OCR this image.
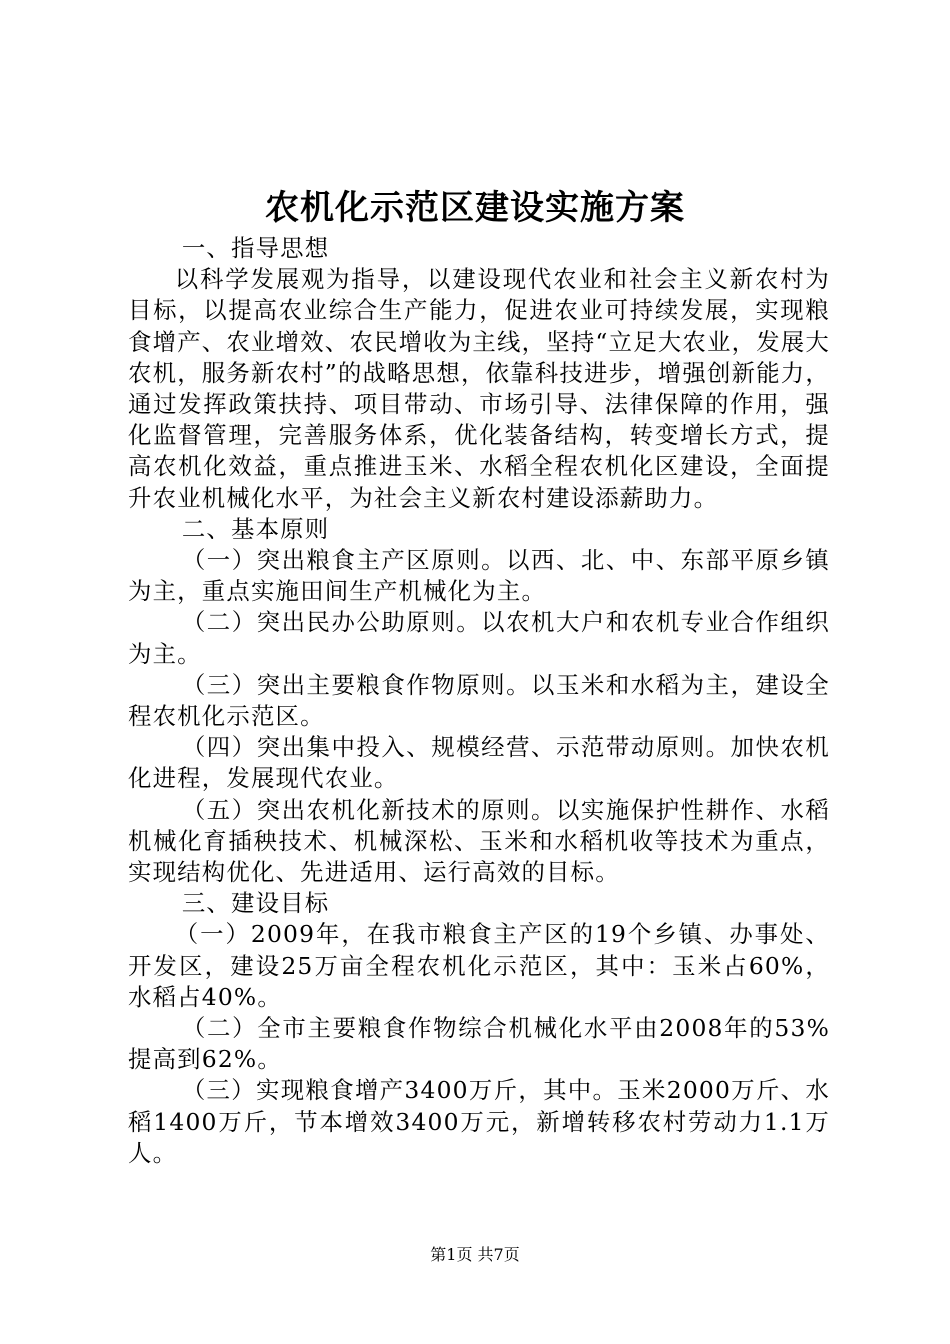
农机化示范区建设实施方案

一、指导思想

以科学发展观为指导，以建设现代农业和社会主义新农村为目标，以提高农业综合生产能力，促进农业可持续发展，实现粮食增产、农业增效、农民增收为主线，坚持“立足大农业，发展大农机，服务新农村”的战略思想，依靠科技进步，增强创新能力，通过发挥政策扶持、项目带动、市场引导、法律保障的作用，强化监督管理，完善服务体系，优化装备结构，转变增长方式，提高农机化效益，重点推进玉米、水稻全程农机化区建设，全面提升农业机械化水平，为社会主义新农村建设添薪助力。

二、基本原则

（一）突出粮食主产区原则。以西、北、中、东部平原乡镇为主，重点实施田间生产机械化为主。

（二）突出民办公助原则。以农机大户和农机专业合作组织为主。

（三）突出主要粮食作物原则。以玉米和水稻为主，建设全程农机化示范区。

（四）突出集中投入、规模经营、示范带动原则。加快农机化进程，发展现代农业。

（五）突出农机化新技术的原则。以实施保护性耕作、水稻机械化育插秧技术、机械深松、玉米和水稻机收等技术为重点，实现结构优化、先进适用、运行高效的目标。

三、建设目标

（一）2009年，在我市粮食主产区的19个乡镇、办事处、开发区，建设25万亩全程农机化示范区，其中：玉米占60%，水稻占40%。

（二）全市主要粮食作物综合机械化水平由2008年的53%提高到62%。

（三）实现粮食增产3400万斤，其中。玉米2000万斤、水稻1400万斤，节本增效3400万元，新增转移农村劳动力1.1万人。

第1页 共7页
